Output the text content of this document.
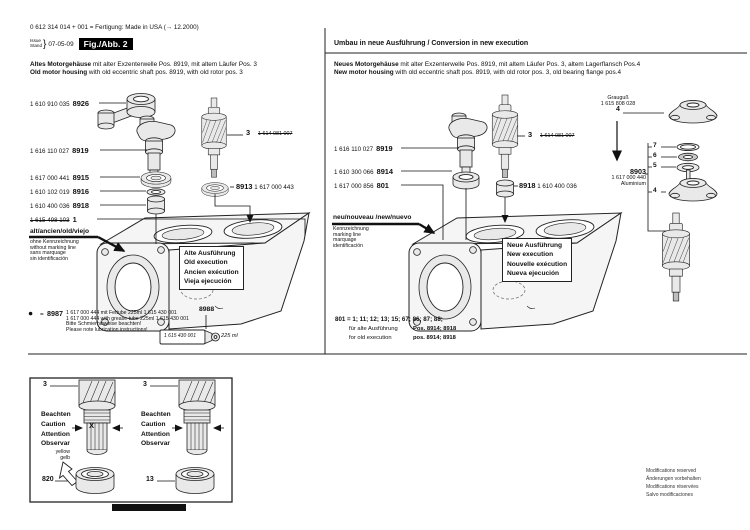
0 612 314 014 + 001 = Fertigung: Made in USA (→ 12.2000)
Issue
Stand } 07-05-09	Fig./Abb. 2
Altes Motorgehäuse mit alter Exzenterwelle Pos. 8919, mit altem Läufer Pos. 3
Old motor housing with old eccentric shaft pos. 8919, with old rotor pos. 3
Umbau in neue Ausführung / Conversion in new execution
Neues Motorgehäuse mit alter Exzenterwelle Pos. 8919, mit altem Läufer Pos. 3, altem Lagerflansch Pos.4
New motor housing with old eccentric shaft pos. 8919, with old rotor pos. 3, old bearing flange pos.4
1 610 910 035 8926
1 616 110 027 8919
1 617 000 441 8915
1 610 102 019 8916
1 610 400 036 8918
1 615 498 103 1
3 1 614 081 007
8913 1 617 000 443
1 616 110 027 8919
1 610 300 066 8914
1 617 000 856 801
3 1 614 081 007
8918 1 610 400 036
Grauguß
1 615 808 028
4
8903
1 617 000 440
Aluminium
7
6
5
4
alt/ancien/old/viejo
ohne Kennzeichnung
without marking line
sans marquage
sin identificación
neu/nouveau /new/nuevo
Kennzeichnung
marking line
marquage
identificación
Alte Ausführung
Old execution
Ancien exécution
Vieja ejecución
Neue Ausführung
New execution
Nouvelle exécution
Nueva ejecución
801 = 1; 11; 12; 13; 15; 67; 86; 87; 88;
für alte Ausführung	Pos. 8914; 8918
for old execution	pos. 8914; 8918
● = 8987 1 617 000 444 mit Fettube 225ml 1 615 430 001
1 617 000 444 with grease tube 225ml 1 615 430 001
Bitte Schmierhinweise beachten!
Please note lubrication instructions!
8988
1 615 430 001	225 ml
3	3
Beachten
Caution
Attention
Observar
Beachten
Caution
Attention
Observar
X
yellow
gelb
820	13
Modifications reserved
Änderungen vorbehalten
Modifications réservées
Salvo modificaciones
